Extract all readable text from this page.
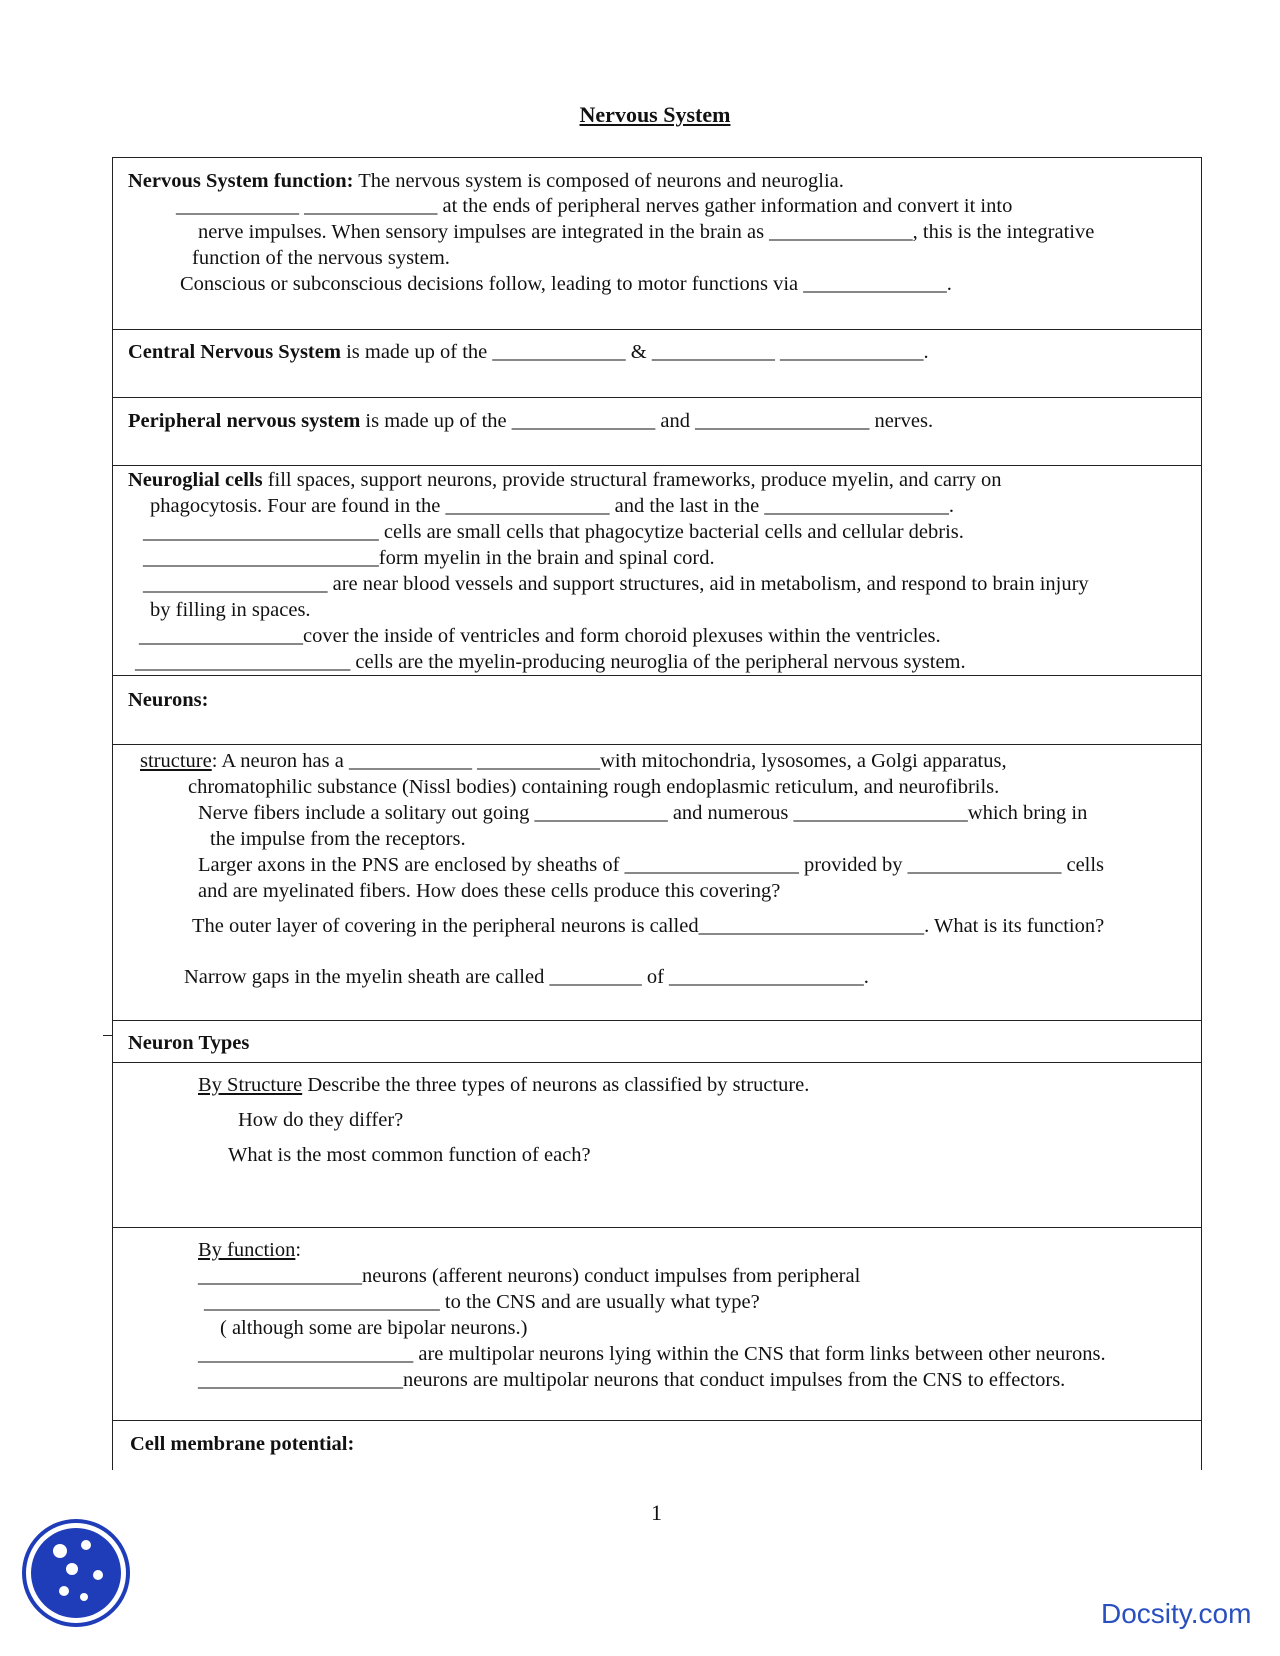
Nervous System
Nervous System function: The nervous system is composed of neurons and neuroglia.
____________ _____________ at the ends of peripheral nerves gather information and convert it into
nerve impulses. When sensory impulses are integrated in the brain as ______________, this is the integrative
function of the nervous system.
Conscious or subconscious decisions follow, leading to motor functions via ______________.
Central Nervous System is made up of the _____________ & ____________ ______________.
Peripheral nervous system is made up of the ______________ and _________________ nerves.
Neuroglial cells fill spaces, support neurons, provide structural frameworks, produce myelin, and carry on
phagocytosis. Four are found in the ________________ and the last in the __________________.
_______________________ cells are small cells that phagocytize bacterial cells and cellular debris.
_______________________form myelin in the brain and spinal cord.
__________________ are near blood vessels and support structures, aid in metabolism, and respond to brain injury
by filling in spaces.
________________cover the inside of ventricles and form choroid plexuses within the ventricles.
_____________________ cells are the myelin-producing neuroglia of the peripheral nervous system.
Neurons:
structure: A neuron has a ____________ ____________with mitochondria, lysosomes, a Golgi apparatus,
chromatophilic substance (Nissl bodies) containing rough endoplasmic reticulum, and neurofibrils.
Nerve fibers include a solitary out going _____________ and numerous _________________which bring in
the impulse from the receptors.
Larger axons in the PNS are enclosed by sheaths of _________________ provided by _______________ cells
and are myelinated fibers. How does these cells produce this covering?
The outer layer of covering in the peripheral neurons is called______________________. What is its function?
Narrow gaps in the myelin sheath are called _________ of ___________________.
Neuron Types
By Structure Describe the three types of neurons as classified by structure.
How do they differ?
What is the most common function of each?
By function:
________________neurons (afferent neurons) conduct impulses from peripheral
_______________________ to the CNS and are usually what type?
( although some are bipolar neurons.)
_____________________ are multipolar neurons lying within the CNS that form links between other neurons.
____________________neurons are multipolar neurons that conduct impulses from the CNS to effectors.
Cell membrane potential:
1
Docsity.com
